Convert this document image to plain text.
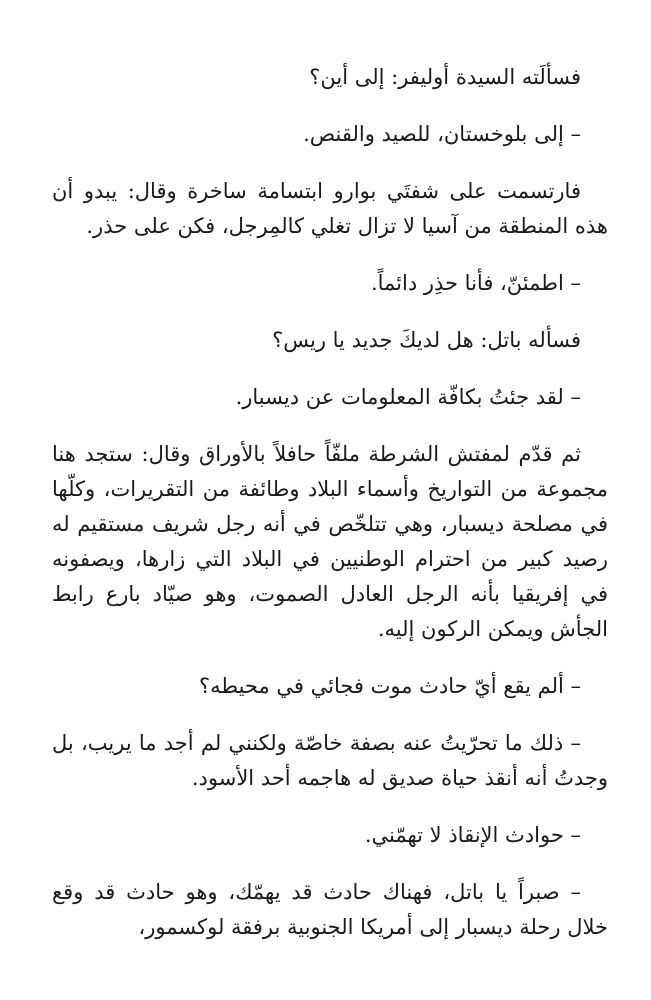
فسألَته السيدة أوليفر: إلى أين؟

– إلى بلوخستان، للصيد والقنص.

فارتسمت على شفتَي بوارو ابتسامة ساخرة وقال: يبدو أن هذه المنطقة من آسيا لا تزال تغلي كالمِرجل، فكن على حذر.

– اطمئنّ، فأنا حذِر دائماً.

فسأله باتل: هل لديكَ جديد يا ريس؟

– لقد جئتُ بكافّة المعلومات عن ديسبار.

ثم قدّم لمفتش الشرطة ملفّاً حافلاً بالأوراق وقال: ستجد هنا مجموعة من التواريخ وأسماء البلاد وطائفة من التقريرات، وكلّها في مصلحة ديسبار، وهي تتلخّص في أنه رجل شريف مستقيم له رصيد كبير من احترام الوطنيين في البلاد التي زارها، ويصفونه في إفريقيا بأنه الرجل العادل الصموت، وهو صيّاد بارع رابط الجأش ويمكن الركون إليه.

– ألم يقع أيّ حادث موت فجائي في محيطه؟

– ذلك ما تحرّيتُ عنه بصفة خاصّة ولكنني لم أجد ما يريب، بل وجدتُ أنه أنقذ حياة صديق له هاجمه أحد الأسود.

– حوادث الإنقاذ لا تهمّني.

– صبراً يا باتل، فهناك حادث قد يهمّك، وهو حادث قد وقع خلال رحلة ديسبار إلى أمريكا الجنوبية برفقة لوكسمور،
